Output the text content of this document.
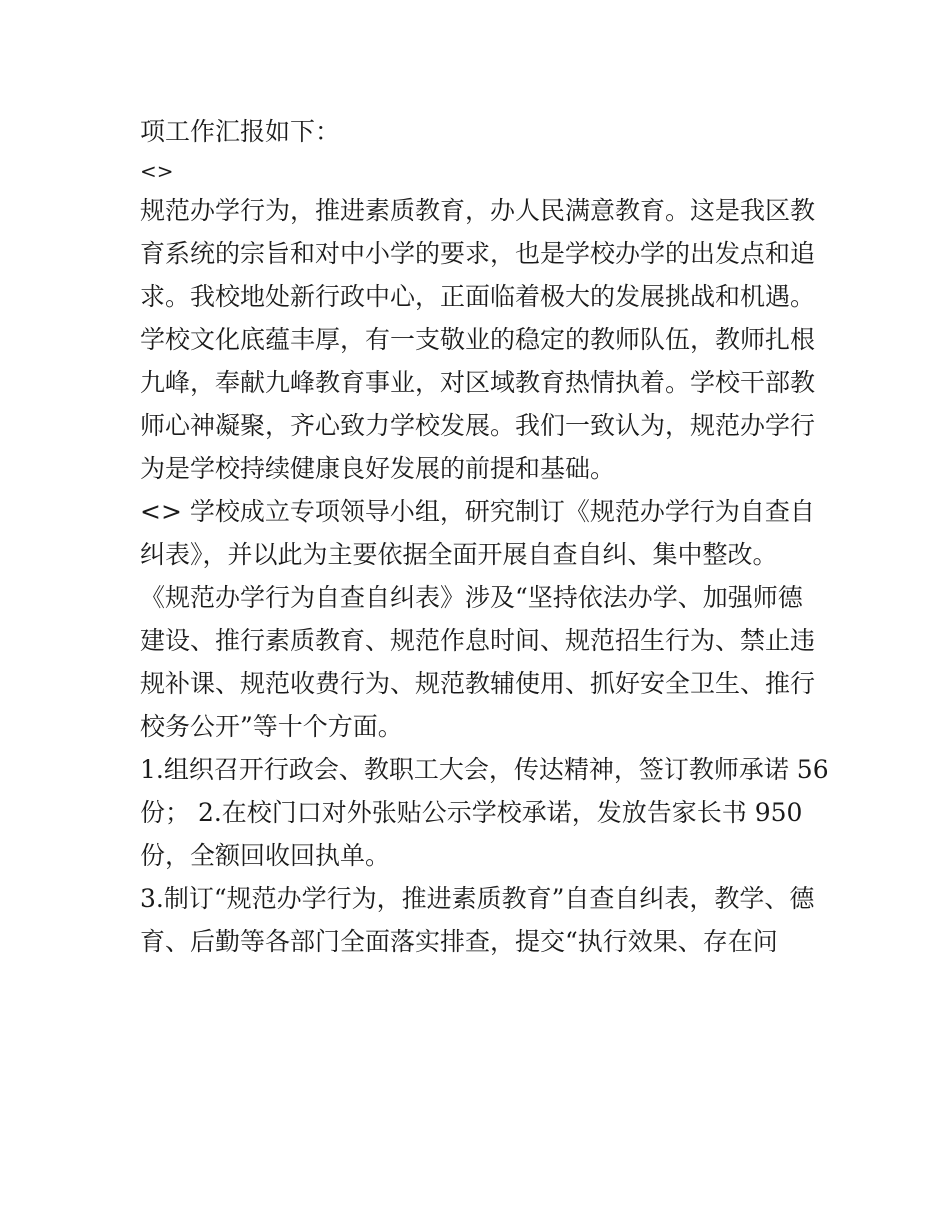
项工作汇报如下：
<>
规范办学行为，推进素质教育，办人民满意教育。这是我区教
育系统的宗旨和对中小学的要求，也是学校办学的出发点和追
求。我校地处新行政中心，正面临着极大的发展挑战和机遇。
学校文化底蕴丰厚，有一支敬业的稳定的教师队伍，教师扎根
九峰，奉献九峰教育事业，对区域教育热情执着。学校干部教
师心神凝聚，齐心致力学校发展。我们一致认为，规范办学行
为是学校持续健康良好发展的前提和基础。
<> 学校成立专项领导小组，研究制订《规范办学行为自查自
纠表》，并以此为主要依据全面开展自查自纠、集中整改。
《规范办学行为自查自纠表》涉及“坚持依法办学、加强师德
建设、推行素质教育、规范作息时间、规范招生行为、禁止违
规补课、规范收费行为、规范教辅使用、抓好安全卫生、推行
校务公开”等十个方面。
1.组织召开行政会、教职工大会，传达精神，签订教师承诺 56
份； 2.在校门口对外张贴公示学校承诺，发放告家长书 950
份，全额回收回执单。
3.制订“规范办学行为，推进素质教育”自查自纠表，教学、德
育、后勤等各部门全面落实排查，提交“执行效果、存在问
